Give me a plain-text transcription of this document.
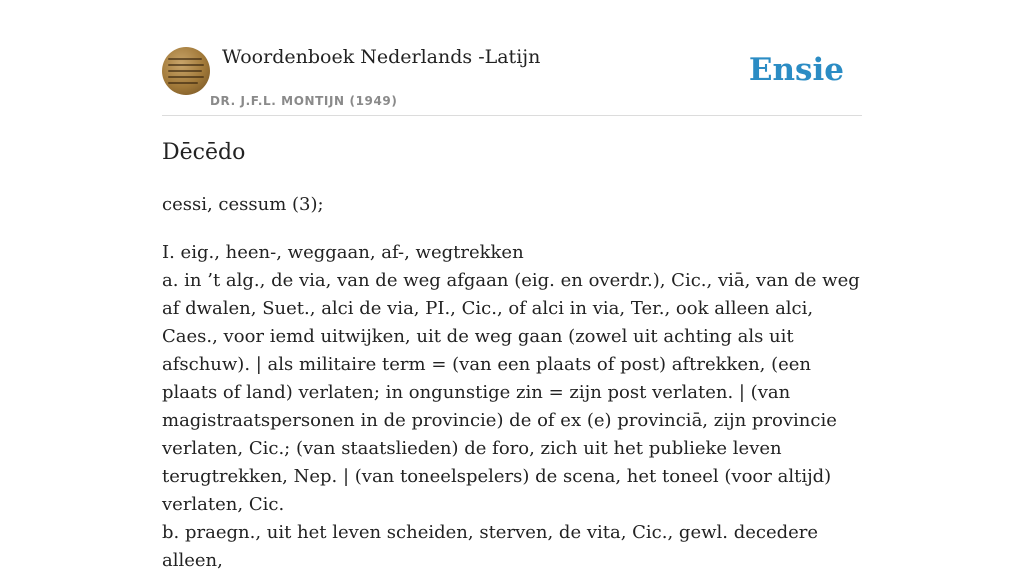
Woordenboek Nederlands -Latijn
DR. J.F.L. MONTIJN (1949)
Ensie
Dēcēdo
cessi, cessum (3);

I. eig., heen-, weggaan, af-, wegtrekken

a. in ’t alg., de via, van de weg afgaan (eig. en overdr.), Cic., viā, van de weg af dwalen, Suet., alci de via, PI., Cic., of alci in via, Ter., ook alleen alci, Caes., voor iemd uitwijken, uit de weg gaan (zowel uit achting als uit afschuw). | als militaire term = (van een plaats of post) aftrekken, (een plaats of land) verlaten; in ongunstige zin = zijn post verlaten. | (van magistraatspersonen in de provincie) de of ex (e) provinciā, zijn provincie verlaten, Cic.; (van staatslieden) de foro, zich uit het publieke leven terugtrekken, Nep. | (van toneelspelers) de scena, het toneel (voor altijd) verlaten, Cic.

b. praegn., uit het leven scheiden, sterven, de vita, Cic., gewl. decedere alleen,
